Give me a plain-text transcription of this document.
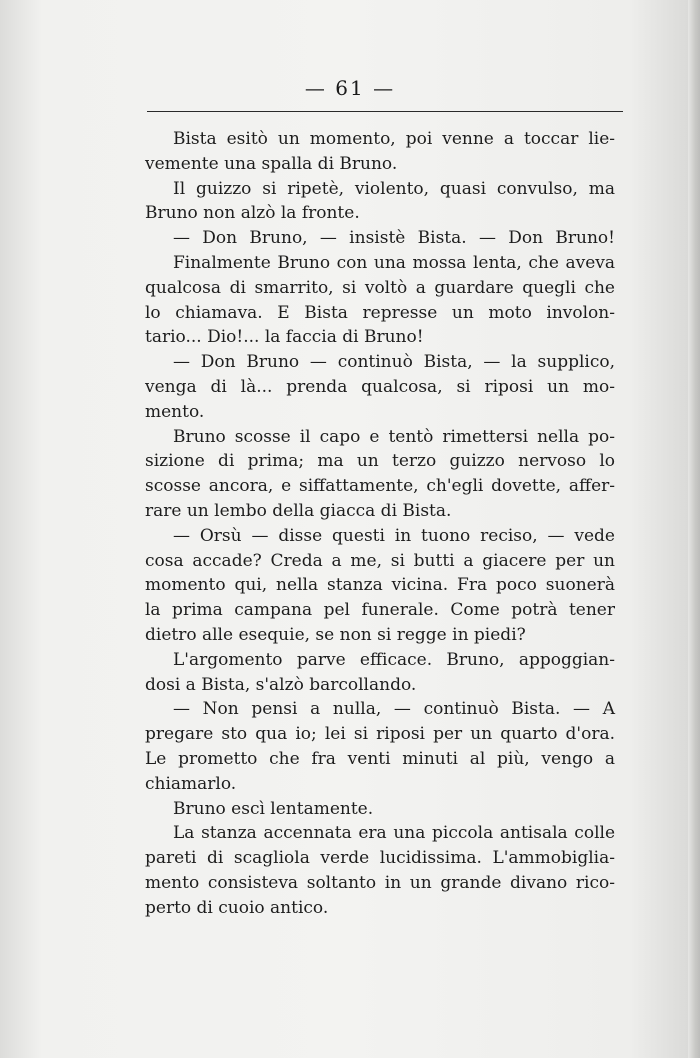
— 61 —
Bista esitò un momento, poi venne a toccar lie-
vemente una spalla di Bruno.
Il guizzo si ripetè, violento, quasi convulso, ma
Bruno non alzò la fronte.
— Don Bruno, — insistè Bista. — Don Bruno!
Finalmente Bruno con una mossa lenta, che aveva
qualcosa di smarrito, si voltò a guardare quegli che
lo chiamava. E Bista represse un moto involon-
tario... Dio!... la faccia di Bruno!
— Don Bruno — continuò Bista, — la supplico,
venga di là... prenda qualcosa, si riposi un mo-
mento.
Bruno scosse il capo e tentò rimettersi nella po-
sizione di prima; ma un terzo guizzo nervoso lo
scosse ancora, e siffattamente, ch'egli dovette, affer-
rare un lembo della giacca di Bista.
— Orsù — disse questi in tuono reciso, — vede
cosa accade? Creda a me, si butti a giacere per un
momento qui, nella stanza vicina. Fra poco suonerà
la prima campana pel funerale. Come potrà tener
dietro alle esequie, se non si regge in piedi?
L'argomento parve efficace. Bruno, appoggian-
dosi a Bista, s'alzò barcollando.
— Non pensi a nulla, — continuò Bista. — A
pregare sto qua io; lei si riposi per un quarto d'ora.
Le prometto che fra venti minuti al più, vengo a
chiamarlo.
Bruno escì lentamente.
La stanza accennata era una piccola antisala colle
pareti di scagliola verde lucidissima. L'ammobiglia-
mento consisteva soltanto in un grande divano rico-
perto di cuoio antico.
